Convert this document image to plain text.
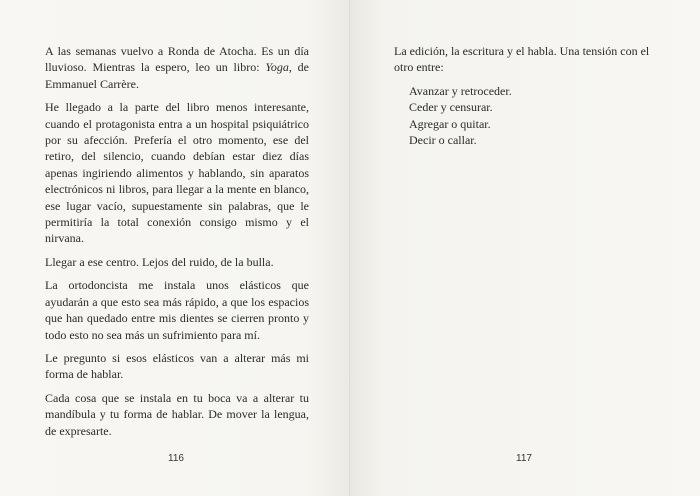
A las semanas vuelvo a Ronda de Atocha. Es un día lluvioso. Mientras la espero, leo un libro: Yoga, de Emmanuel Carrère.

He llegado a la parte del libro menos interesante, cuando el protagonista entra a un hospital psiquiátrico por su afección. Prefería el otro momento, ese del retiro, del silencio, cuando debían estar diez días apenas ingiriendo alimentos y hablando, sin aparatos electrónicos ni libros, para llegar a la mente en blanco, ese lugar vacío, supuestamente sin palabras, que le permitiría la total conexión consigo mismo y el nirvana.

Llegar a ese centro. Lejos del ruido, de la bulla.

La ortodoncista me instala unos elásticos que ayudarán a que esto sea más rápido, a que los espacios que han quedado entre mis dientes se cierren pronto y todo esto no sea más un sufrimiento para mí.

Le pregunto si esos elásticos van a alterar más mi forma de hablar.

Cada cosa que se instala en tu boca va a alterar tu mandíbula y tu forma de hablar. De mover la lengua, de expresarte.

116

La edición, la escritura y el habla. Una tensión con el otro entre:

Avanzar y retroceder.
Ceder y censurar.
Agregar o quitar.
Decir o callar.
117
